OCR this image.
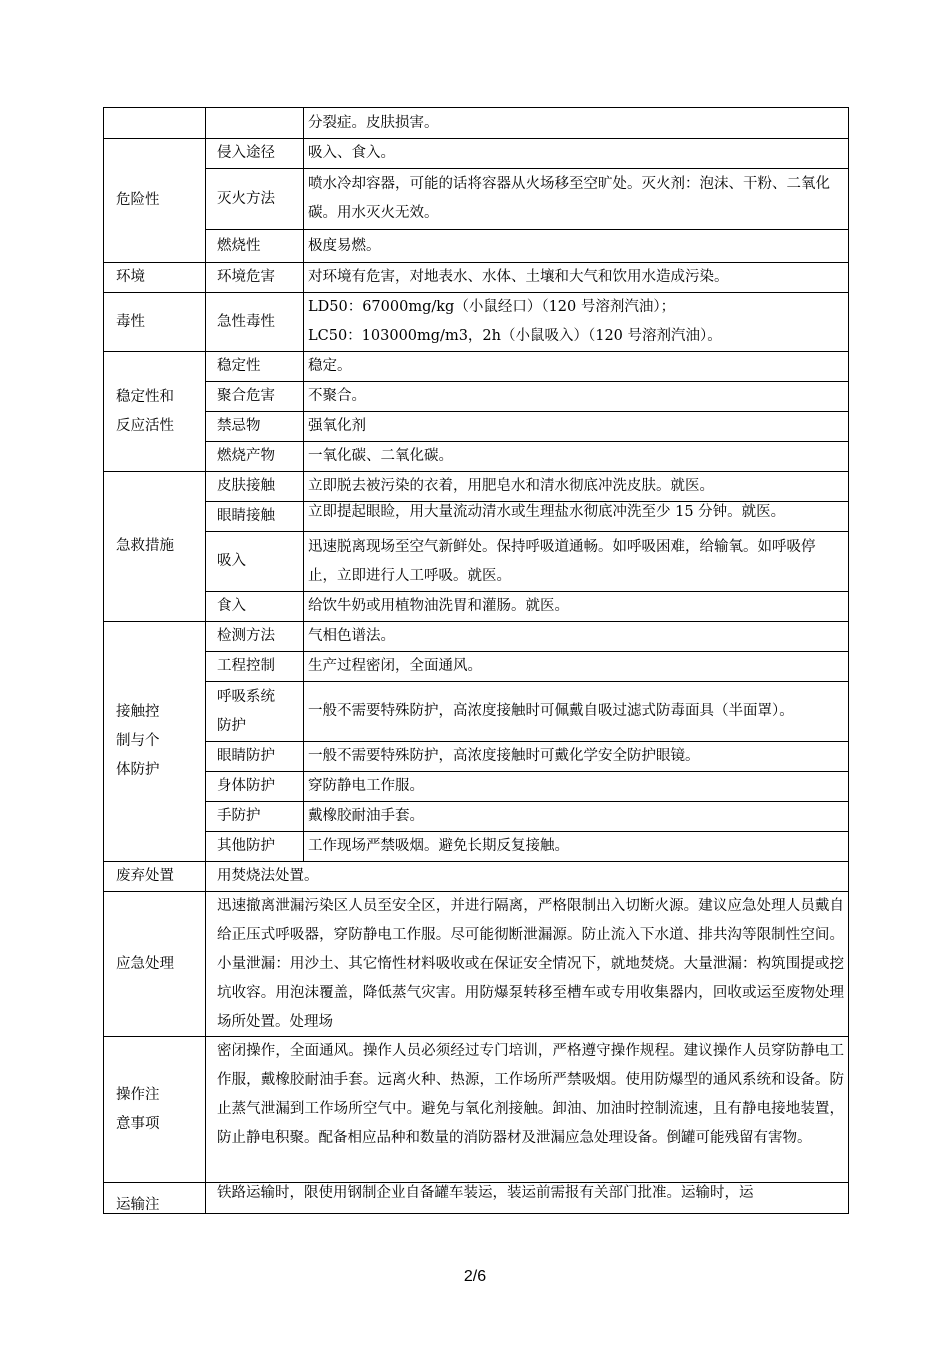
		分裂症。皮肤损害。
危险性	侵入途径	吸入、食入。
	灭火方法	喷水冷却容器，可能的话将容器从火场移至空旷处。灭火剂：泡沫、干粉、二氧化碳。用水灭火无效。
	燃烧性	极度易燃。
环境	环境危害	对环境有危害，对地表水、水体、土壤和大气和饮用水造成污染。
毒性	急性毒性	LD50：67000mg/kg（小鼠经口）（120 号溶剂汽油）；
LC50：103000mg/m3，2h（小鼠吸入）（120 号溶剂汽油）。

稳定性和
反应活性	稳定性	稳定。
	聚合危害	不聚合。
	禁忌物	强氧化剂
	燃烧产物	一氧化碳、二氧化碳。
急救措施	皮肤接触	立即脱去被污染的衣着，用肥皂水和清水彻底冲洗皮肤。就医。
	眼睛接触	立即提起眼睑，用大量流动清水或生理盐水彻底冲洗至少 15 分钟。就医。

	吸入	迅速脱离现场至空气新鲜处。保持呼吸道通畅。如呼吸困难，给输氧。如呼吸停止，立即进行人工呼吸。就医。
	食入	给饮牛奶或用植物油洗胃和灌肠。就医。

接触控
制与个
体防护	检测方法	气相色谱法。
	工程控制	生产过程密闭，全面通风。

	呼吸系统
防护	一般不需要特殊防护，高浓度接触时可佩戴自吸过滤式防毒面具（半面罩）。
	眼睛防护	一般不需要特殊防护，高浓度接触时可戴化学安全防护眼镜。
	身体防护	穿防静电工作服。
	手防护	戴橡胶耐油手套。
	其他防护	工作现场严禁吸烟。避免长期反复接触。
废弃处置	用焚烧法处置。	
应急处理	迅速撤离泄漏污染区人员至安全区，并进行隔离，严格限制出入切断火源。建议应急处理人员戴自给正压式呼吸器，穿防静电工作服。尽可能彻断泄漏源。防止流入下水道、排共沟等限制性空间。小量泄漏：用沙土、其它惰性材料吸收或在保证安全情况下，就地焚烧。大量泄漏：构筑围提或挖坑收容。用泡沫覆盖，降低蒸气灾害。用防爆泵转移至槽车或专用收集器内，回收或运至废物处理场所处置。处理场	

操作注
意事项	密闭操作，全面通风。操作人员必须经过专门培训，严格遵守操作规程。建议操作人员穿防静电工作服，戴橡胶耐油手套。远离火种、热源，工作场所严禁吸烟。使用防爆型的通风系统和设备。防止蒸气泄漏到工作场所空气中。避免与氧化剂接触。卸油、加油时控制流速，且有静电接地装置，防止静电积聚。配备相应品种和数量的消防器材及泄漏应急处理设备。倒罐可能残留有害物。	

运输注	铁路运输时，限使用钢制企业自备罐车装运，装运前需报有关部门批准。运输时，运	
2/6
